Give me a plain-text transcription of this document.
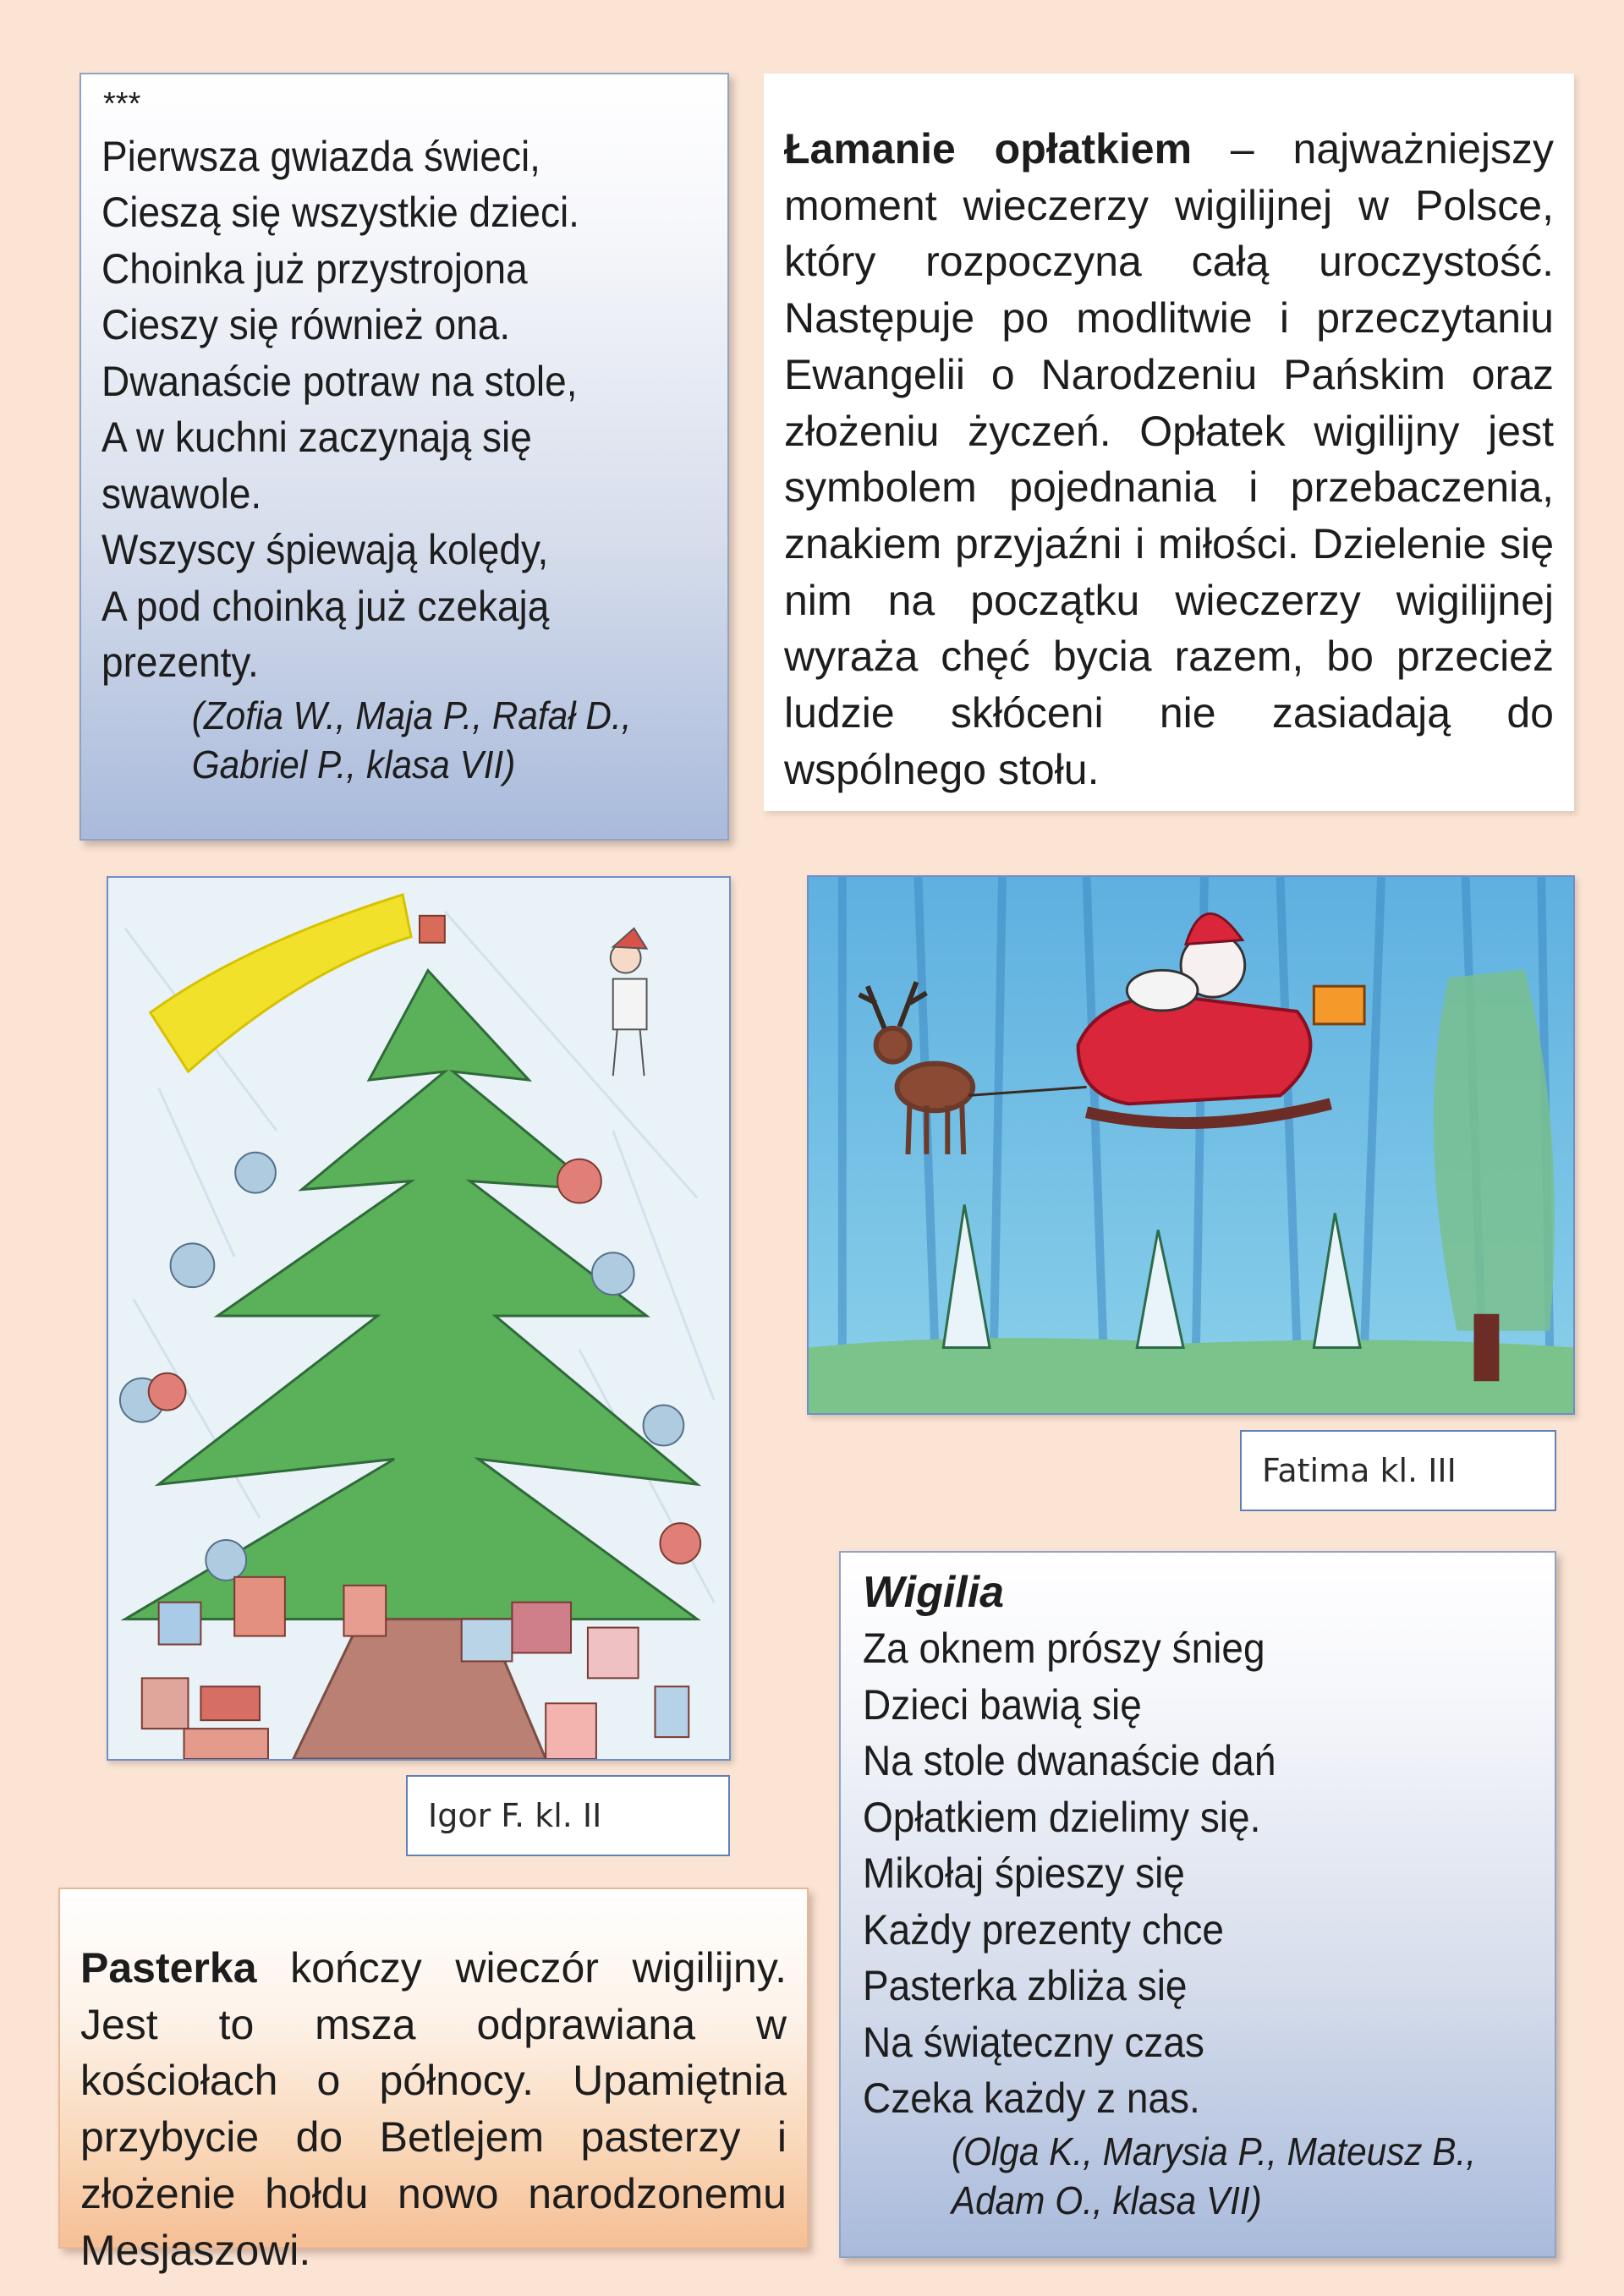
***
Pierwsza gwiazda świeci,
Cieszą się wszystkie dzieci.
Choinka już przystrojona
Cieszy się również ona.
Dwanaście potraw na stole,
A w kuchni zaczynają się
swawole.
Wszyscy śpiewają kolędy,
A pod choinką już czekają
prezenty.
(Zofia W., Maja P., Rafał D.,
Gabriel P., klasa VII)

Łamanie opłatkiem – najważniejszy moment wieczerzy wigilijnej w Polsce, który rozpoczyna całą uroczystość. Następuje po modlitwie i przeczytaniu Ewangelii o Narodzeniu Pańskim oraz złożeniu życzeń. Opłatek wigilijny jest symbolem pojednania i przebaczenia, znakiem przyjaźni i miłości. Dzielenie się nim na początku wieczerzy wigilijnej wyraża chęć bycia razem, bo przecież ludzie skłóceni nie zasiadają do wspólnego stołu.

Igor F. kl. II
Fatima kl. III

Pasterka kończy wieczór wigilijny. Jest to msza odprawiana w kościołach o północy. Upamiętnia przybycie do Betlejem pasterzy i złożenie hołdu nowo narodzonemu Mesjaszowi.

Wigilia
Za oknem prószy śnieg
Dzieci bawią się
Na stole dwanaście dań
Opłatkiem dzielimy się.
Mikołaj śpieszy się
Każdy prezenty chce
Pasterka zbliża się
Na świąteczny czas
Czeka każdy z nas.
(Olga K., Marysia P., Mateusz B.,
Adam O., klasa VII)
